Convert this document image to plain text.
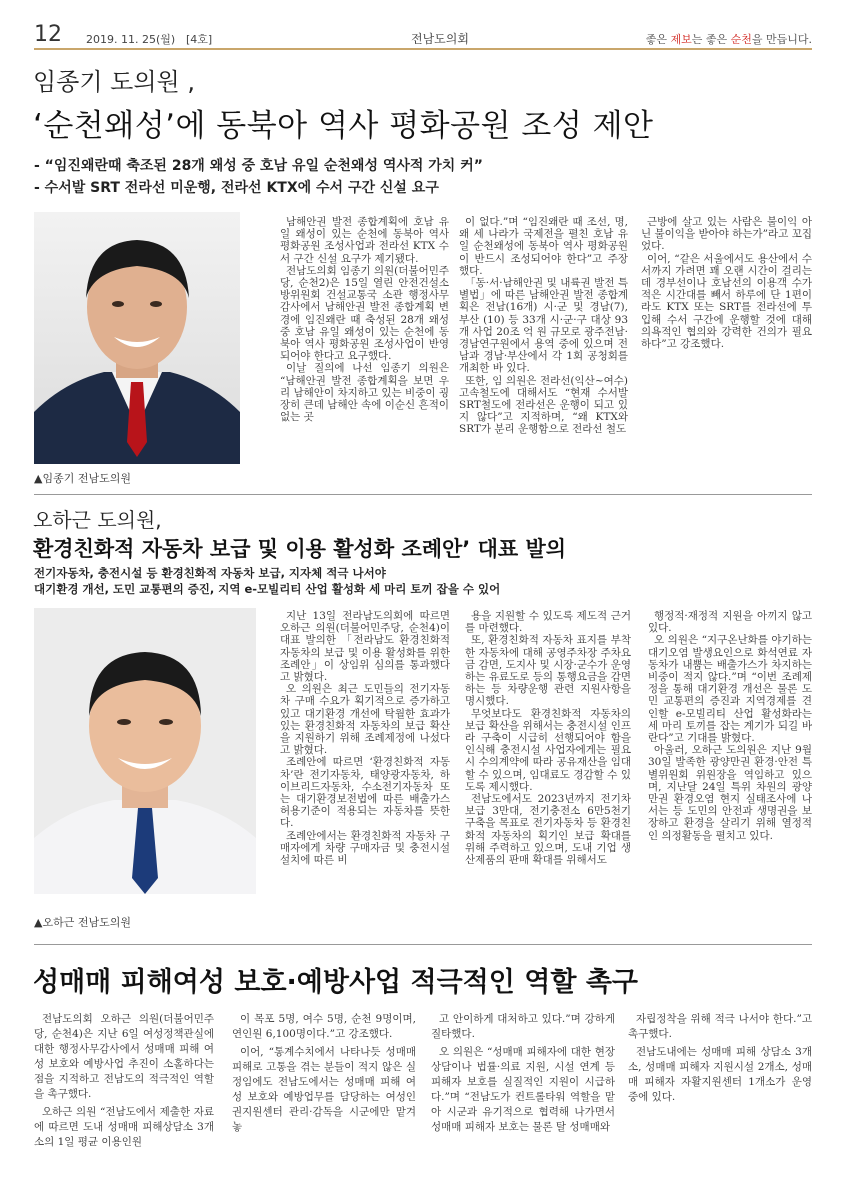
12 2019. 11. 25(월) [4호]	전남도의회	좋은 제보는 좋은 순천을 만듭니다.
임종기 도의원 ,
‘순천왜성’에 동북아 역사 평화공원 조성 제안
- “임진왜란때 축조된 28개 왜성 중 호남 유일 순천왜성 역사적 가치 커”
- 수서발 SRT 전라선 미운행, 전라선 KTX에 수서 구간 신설 요구
▲임종기 전남도의원

남해안권 발전 종합계획에 호남 유일 왜성이 있는 순천에 동북아 역사 평화공원 조성사업과 전라선 KTX 수서 구간 신설 요구가 제기됐다.

전남도의회 임종기 의원(더불어민주당, 순천2)은 15일 열린 안전건설소방위원회 건설교통국 소관 행정사무감사에서 남해안권 발전 종합계획 변경에 임진왜란 때 축성된 28개 왜성 중 호남 유일 왜성이 있는 순천에 동북아 역사 평화공원 조성사업이 반영되어야 한다고 요구했다.

이날 질의에 나선 임종기 의원은 “남해안권 발전 종합계획을 보면 우리 남해안이 차지하고 있는 비중이 굉장히 큰데 남해안 속에 이순신 흔적이 없는 곳

이 없다.”며 “임진왜란 때 조선, 명, 왜 세 나라가 국제전을 펼친 호남 유일 순천왜성에 동북아 역사 평화공원이 반드시 조성되어야 한다”고 주장했다.

「동·서·남해안권 및 내륙권 발전 특별법」에 따른 남해안권 발전 종합계획은 전남(16개) 시·군 및 경남(7), 부산 (10) 등 33개 시·군·구 대상 93개 사업 20조 억 원 규모로 광주전남·경남연구원에서 용역 중에 있으며 전남과 경남·부산에서 각 1회 공청회를 개최한 바 있다.

또한, 임 의원은 전라선(익산~여수) 고속철도에 대해서도 “현재 수서발 SRT철도에 전라선은 운행이 되고 있지 않다”고 지적하며, “왜 KTX와 SRT가 분리 운행함으로 전라선 철도

근방에 살고 있는 사람은 불이익 아닌 불이익을 받아야 하는가”라고 꼬집었다.

이어, “같은 서울에서도 용산에서 수서까지 가려면 꽤 오랜 시간이 걸리는데 경부선이나 호남선의 이용객 수가 적은 시간대를 빼서 하루에 단 1편이라도 KTX 또는 SRT를 전라선에 투입해 수서 구간에 운행할 것에 대해 의욕적인 협의와 강력한 건의가 필요하다”고 강조했다.

오하근 도의원,
환경친화적 자동차 보급 및 이용 활성화 조례안’ 대표 발의
전기자동차, 충전시설 등 환경친화적 자동차 보급, 지자체 적극 나서야
대기환경 개선, 도민 교통편의 증진, 지역 e-모빌리티 산업 활성화 세 마리 토끼 잡을 수 있어
▲오하근 전남도의원

지난 13일 전라남도의회에 따르면 오하근 의원(더불어민주당, 순천4)이 대표 발의한 「전라남도 환경친화적 자동차의 보급 및 이용 활성화를 위한 조례안」이 상임위 심의를 통과했다고 밝혔다.

오 의원은 최근 도민들의 전기자동차 구매 수요가 획기적으로 증가하고 있고 대기환경 개선에 탁월한 효과가 있는 환경친화적 자동차의 보급 확산을 지원하기 위해 조례제정에 나섰다고 밝혔다.

조례안에 따르면 ‘환경친화적 자동차’란 전기자동차, 태양광자동차, 하이브리드자동차, 수소전기자동차 또는 대기환경보전법에 따른 배출가스 허용기준이 적용되는 자동차를 뜻한다.

조례안에서는 환경친화적 자동차 구매자에게 차량 구매자금 및 충전시설 설치에 따른 비

용을 지원할 수 있도록 제도적 근거를 마련했다.

또, 환경친화적 자동차 표지를 부착한 자동차에 대해 공영주차장 주차요금 감면, 도지사 및 시장·군수가 운영하는 유료도로 등의 통행요금을 감면하는 등 차량운행 관련 지원사항을 명시했다.

무엇보다도 환경친화적 자동차의 보급 확산을 위해서는 충전시설 인프라 구축이 시급히 선행되어야 함을 인식해 충전시설 사업자에게는 필요시 수의계약에 따라 공유재산을 임대할 수 있으며, 임대료도 경감할 수 있도록 제시했다.

전남도에서도 2023년까지 전기차 보급 3만대, 전기충전소 6만5천기 구축을 목표로 전기자동차 등 환경친화적 자동차의 획기인 보급 확대를 위해 주력하고 있으며, 도내 기업 생산제품의 판매 확대를 위해서도

행정적·재정적 지원을 아끼지 않고 있다.

오 의원은 “지구온난화를 야기하는 대기오염 발생요인으로 화석연료 자동차가 내뿜는 배출가스가 차지하는 비중이 적지 않다.”며 “이번 조례제정을 통해 대기환경 개선은 물론 도민 교통편의 증진과 지역경제를 견인할 e-모빌리티 산업 활성화라는 세 마리 토끼를 잡는 계기가 되길 바란다”고 기대를 밝혔다.

아울러, 오하근 도의원은 지난 9월 30일 발족한 광양만권 환경·안전 특별위원회 위원장을 역임하고 있으며, 지난달 24일 특위 차원의 광양만권 환경오염 현지 실태조사에 나서는 등 도민의 안전과 생명권을 보장하고 환경을 살리기 위해 열정적인 의정활동을 펼치고 있다.

성매매 피해여성 보호·예방사업 적극적인 역할 촉구

전남도의회 오하근 의원(더불어민주당, 순천4)은 지난 6일 여성정책관실에 대한 행정사무감사에서 성매매 피해 여성 보호와 예방사업 추진이 소홀하다는 점을 지적하고 전남도의 적극적인 역할을 촉구했다.

오하근 의원 “전남도에서 제출한 자료에 따르면 도내 성매매 피해상담소 3개소의 1일 평균 이용인원

이 목포 5명, 여수 5명, 순천 9명이며, 연인원 6,100명이다.”고 강조했다.

이어, “통계수치에서 나타나듯 성매매 피해로 고통을 겪는 분들이 적지 않은 실정임에도 전남도에서는 성매매 피해 여성 보호와 예방업무를 담당하는 여성인권지원센터 관리·감독을 시군에만 맡겨 놓

고 안이하게 대처하고 있다.”며 강하게 질타했다.

오 의원은 “성매매 피해자에 대한 현장상담이나 법률·의료 지원, 시설 연계 등 피해자 보호를 실질적인 지원이 시급하다.”며 “전남도가 컨트롤타워 역할을 맡아 시군과 유기적으로 협력해 나가면서 성매매 피해자 보호는 물론 탈 성매매와

자립정착을 위해 적극 나서야 한다.”고 촉구했다.

전남도내에는 성매매 피해 상담소 3개소, 성매매 피해자 지원시설 2개소, 성매매 피해자 자활지원센터 1개소가 운영 중에 있다.
